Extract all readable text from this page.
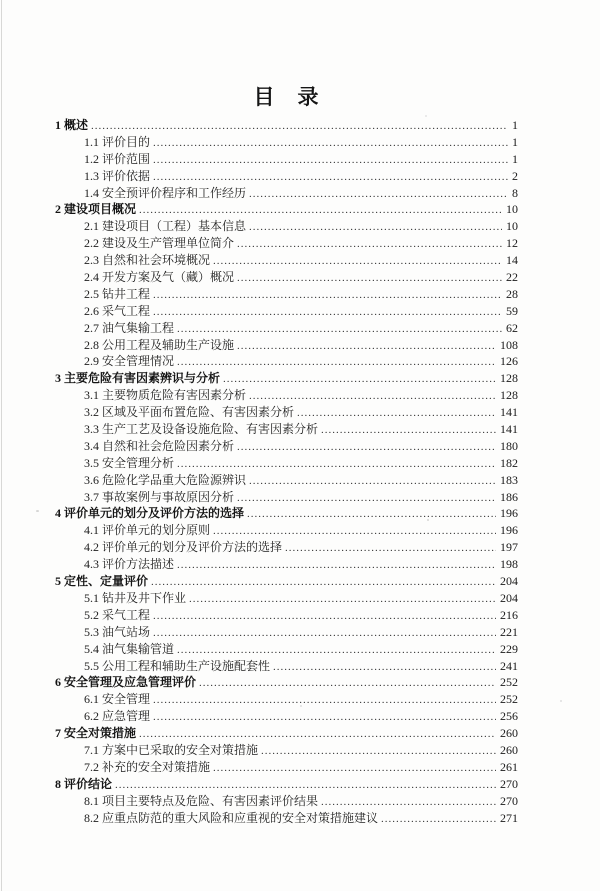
目　录
1 概述 .....	1
1.1 评价目的 .....	1
1.2 评价范围 .....	1
1.3 评价依据 .....	2
1.4 安全预评价程序和工作经历 .....	8
2 建设项目概况 .....	10
2.1 建设项目（工程）基本信息 .....	10
2.2 建设及生产管理单位简介 .....	12
2.3 自然和社会环境概况 .....	14
2.4 开发方案及气（藏）概况 .....	22
2.5 钻井工程 .....	28
2.6 采气工程 .....	59
2.7 油气集输工程 .....	62
2.8 公用工程及辅助生产设施 .....	108
2.9 安全管理情况 .....	126
3 主要危险有害因素辨识与分析 .....	128
3.1 主要物质危险有害因素分析 .....	128
3.2 区域及平面布置危险、有害因素分析 .....	141
3.3 生产工艺及设备设施危险、有害因素分析 .....	141
3.4 自然和社会危险因素分析 .....	180
3.5 安全管理分析 .....	182
3.6 危险化学品重大危险源辨识 .....	183
3.7 事故案例与事故原因分析 .....	186
4 评价单元的划分及评价方法的选择 .....	196
4.1 评价单元的划分原则 .....	196
4.2 评价单元的划分及评价方法的选择 .....	197
4.3 评价方法描述 .....	198
5 定性、定量评价 .....	204
5.1 钻井及井下作业 .....	204
5.2 采气工程 .....	216
5.3 油气站场 .....	221
5.4 油气集输管道 .....	229
5.5 公用工程和辅助生产设施配套性 .....	241
6 安全管理及应急管理评价 .....	252
6.1 安全管理 .....	252
6.2 应急管理 .....	256
7 安全对策措施 .....	260
7.1 方案中已采取的安全对策措施 .....	260
7.2 补充的安全对策措施 .....	261
8 评价结论 .....	270
8.1 项目主要特点及危险、有害因素评价结果 .....	270
8.2 应重点防范的重大风险和应重视的安全对策措施建议 .....	271
